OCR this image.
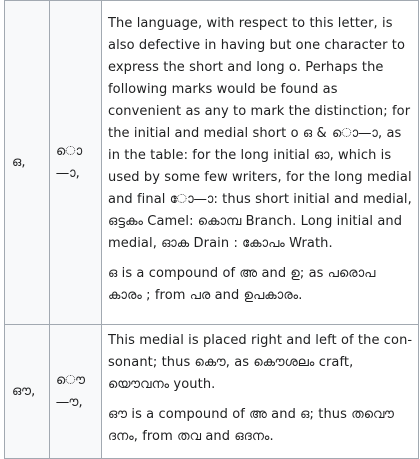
ഒ,	ൊ—ാ,	The language, with respect to this letter, is also defective in having but one character to express the short and long o. Perhaps the following marks would be found as convenient as any to mark the distinction; for the initial and medial short o ഒ & ൊ—ാ, as in the table: for the long initial ഓ, which is used by some few writers, for the long medial and final ോ—ാ: thus short initial and medial, ഒട്ടകം Camel: കൊമ്പ Branch. Long initial and medial, ഓക Drain : കോപം Wrath.

ഒ is a compound of അ and ഉ; as പരൊപ കാരം ; from പര and ഉപകാരം.

ഔ,	ൌ—ൗ,	This medial is placed right and left of the con- sonant; thus കൌ, as കൌശലം craft, യൌവനം youth.

ഔ is a compound of അ and ഒ; thus തവൌ ദനം, from തവ and ഒദനം.
